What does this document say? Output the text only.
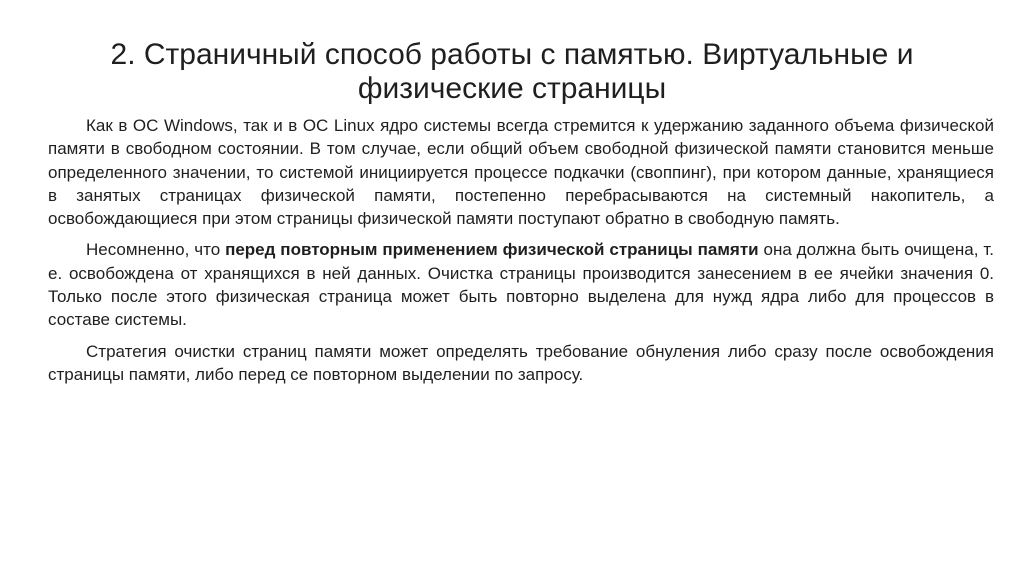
2. Страничный способ работы с памятью. Виртуальные и физические страницы

Как в ОС Windows, так и в ОС Linux ядро системы всегда стремится к удержанию заданного объема физической памяти в свободном состоянии. В том случае, если общий объем свободной физической памяти становится меньше определенного значении, то системой инициируется процессе подкачки (своппинг), при котором данные, хранящиеся в занятых страницах физической памяти, постепенно перебрасываются на системный накопитель, а освобождающиеся при этом страницы физической памяти поступают обратно в свободную память.

Несомненно, что перед повторным применением физической страницы памяти она должна быть очищена, т. е. освобождена от хранящихся в ней данных. Очистка страницы производится занесением в ее ячейки значения 0. Только после этого физическая страница может быть повторно выделена для нужд ядра либо для процессов в составе системы.

Стратегия очистки страниц памяти может определять требование обнуления либо сразу после освобождения страницы памяти, либо перед се повторном выделении по запросу.
